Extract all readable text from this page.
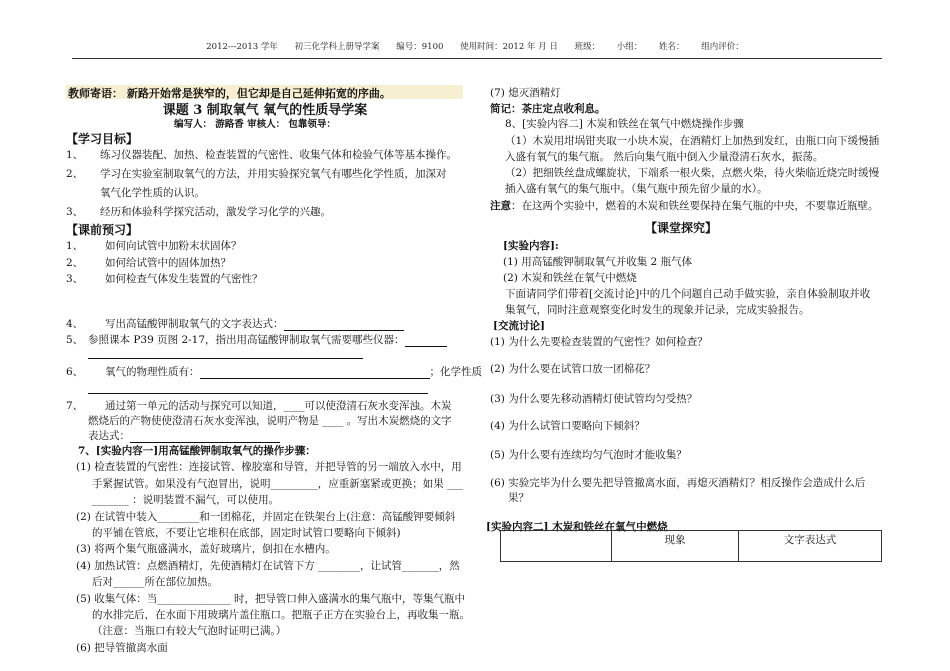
2012---2013 学年 初三化学科上册导学案 编号：9100 使用时间：2012 年 月 日 班级： 小组： 姓名： 组内评价：
教师寄语： 新路开始常是狭窄的，但它却是自己延伸拓宽的序曲。
课题 3 制取氧气 氧气的性质导学案
编写人： 游路香 审核人： 包靠领导：
【学习目标】
1、 练习仪器装配、加热、检查装置的气密性、收集气体和检验气体等基本操作。
2、 学习在实验室制取氧气的方法，并用实验探究氧气有哪些化学性质，加深对
氧气化学性质的认识。
3、 经历和体验科学探究活动，激发学习化学的兴趣。
【课前预习】
1、 如何向试管中加粉末状固体？
2、 如何给试管中的固体加热？
3、 如何检查气体发生装置的气密性？
4、 写出高锰酸钾制取氧气的文字表达式：
5、 参照课本 P39 页图 2-17，指出用高锰酸钾制取氧气需要哪些仪器：
6、 氧气的物理性质有：	；化学性质
7、 通过第一单元的活动与探究可以知道，____可以使澄清石灰水变浑浊。木炭
燃烧后的产物使使澄清石灰水变浑浊，说明产物是 ____ 。写出木炭燃烧的文字
表达式：
7、[实验内容一]用高锰酸钾制取氧气的操作步骤：
(1) 检查装置的气密性：连接试管、橡胶塞和导管，并把导管的另一端放入水中，用
手紧握试管。如果没有气泡冒出，说明_________，应重新塞紧或更换；如果 ___
_______ ：说明装置不漏气，可以使用。
(2) 在试管中装入________和一团棉花，并固定在铁架台上(注意：高锰酸钾要倾斜
的平铺在管底，不要让它堆积在底部，固定时试管口要略向下倾斜)
(3) 将两个集气瓶盛满水，盖好玻璃片，倒扣在水槽内。
(4) 加热试管：点燃酒精灯，先使酒精灯在试管下方 ________，让试管_______，然
后对______所在部位加热。
(5) 收集气体：当______________ 时，把导管口伸入盛满水的集气瓶中，等集气瓶中
的水排完后，在水面下用玻璃片盖住瓶口。把瓶子正方在实验台上，再收集一瓶。
（注意：当瓶口有较大气泡时证明已满。）
(6) 把导管撤离水面
(7) 熄灭酒精灯
简记：茶庄定点收利息。
8、[实验内容二] 木炭和铁丝在氧气中燃烧操作步骤
（1）木炭用坩埚钳夹取一小块木炭，在酒精灯上加热到发红，由瓶口向下缓慢插
入盛有氧气的集气瓶。 然后向集气瓶中倒入少量澄清石灰水，振荡。
（2）把细铁丝盘成螺旋状，下端系一根火柴，点燃火柴，待火柴临近烧完时缓慢
插入盛有氧气的集气瓶中。（集气瓶中预先留少量的水）。
注意：在这两个实验中，燃着的木炭和铁丝要保持在集气瓶的中央，不要靠近瓶壁。
【课堂探究】
[实验内容]:
(1) 用高锰酸钾制取氧气并收集 2 瓶气体
(2) 木炭和铁丝在氧气中燃烧
下面请同学们带着[交流讨论]中的几个问题自己动手做实验，亲自体验制取并收
集氧气，同时注意观察变化时发生的现象并记录，完成实验报告。
[交流讨论]
(1) 为什么先要检查装置的气密性？如何检查？
(2) 为什么要在试管口放一团棉花？
(3) 为什么要先移动酒精灯使试管均匀受热？
(4) 为什么试管口要略向下倾斜？
(5) 为什么要有连续均匀气泡时才能收集？
(6) 实验完毕为什么要先把导管撤离水面，再熄灭酒精灯？相反操作会造成什么后
果？
[实验内容二] 木炭和铁丝在氧气中燃烧
	现象	文字表达式
